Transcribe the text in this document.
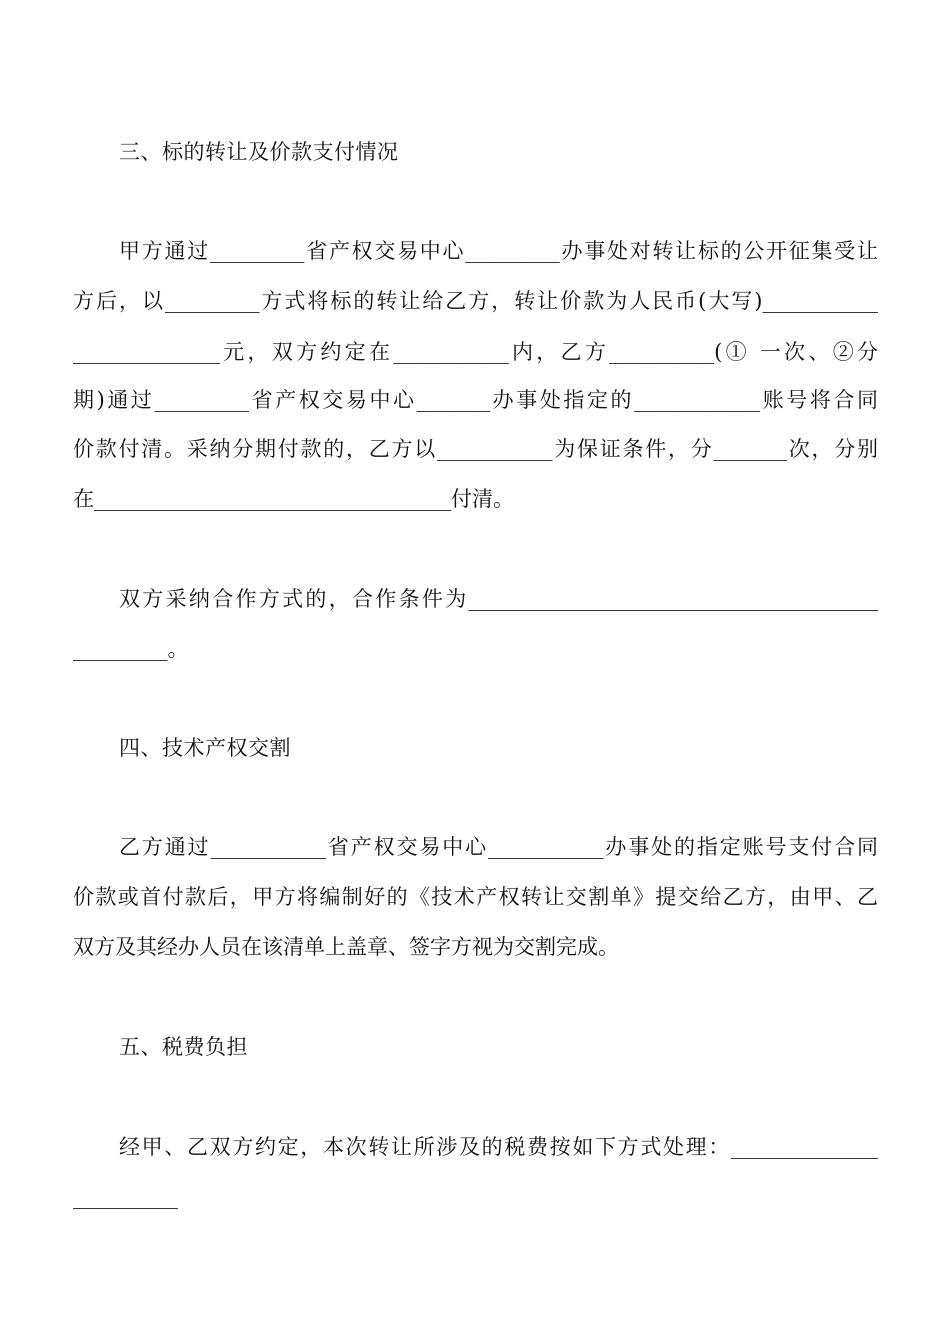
三、标的转让及价款支付情况
甲方通过_________省产权交易中心_________办事处对转让标的公开征集受让
方后，以_________方式将标的转让给乙方，转让价款为人民币(大写)___________
______________元，双方约定在___________内，乙方__________(① 一次、②分
期)通过_________省产权交易中心_______办事处指定的____________账号将合同
价款付清。采纳分期付款的，乙方以___________为保证条件，分_______次，分别
在__________________________________付清。
双方采纳合作方式的，合作条件为_______________________________________
_________。
四、技术产权交割
乙方通过___________省产权交易中心___________办事处的指定账号支付合同
价款或首付款后，甲方将编制好的《技术产权转让交割单》提交给乙方，由甲、乙
双方及其经办人员在该清单上盖章、签字方视为交割完成。
五、税费负担
经甲、乙双方约定，本次转让所涉及的税费按如下方式处理：______________
__________
